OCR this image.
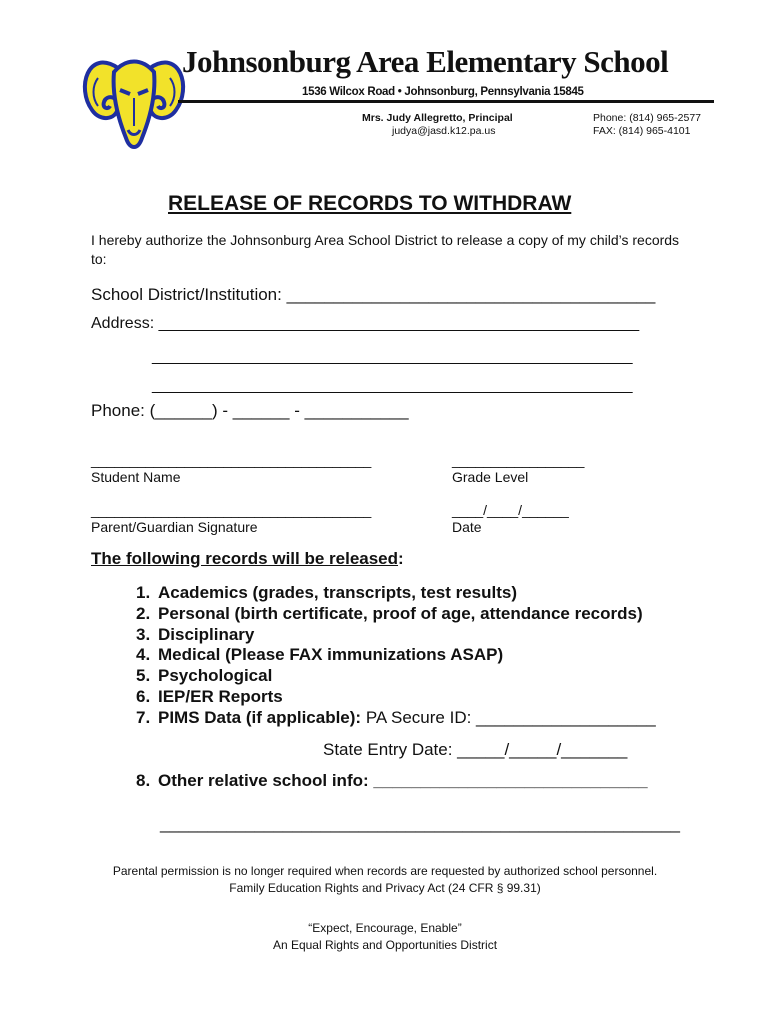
Johnsonburg Area Elementary School
1536 Wilcox Road • Johnsonburg, Pennsylvania 15845
Mrs. Judy Allegretto, Principal
judya@jasd.k12.pa.us
Phone: (814) 965-2577
FAX: (814) 965-4101
RELEASE OF RECORDS TO WITHDRAW
I hereby authorize the Johnsonburg Area School District to release a copy of my child’s records to:
School District/Institution: _______________________________________
Address: ______________________________________________________
______________________________________________________
______________________________________________________
Phone: (______) - ______ - ___________
____________________________________
Student Name
_________________
Grade Level
____________________________________
Parent/Guardian Signature
____/____/______
Date
The following records will be released:
1. Academics (grades, transcripts, test results)
2. Personal (birth certificate, proof of age, attendance records)
3. Disciplinary
4. Medical (Please FAX immunizations ASAP)
5. Psychological
6. IEP/ER Reports
7. PIMS Data (if applicable): PA Secure ID: ___________________
State Entry Date: _____/_____/_______
8. Other relative school info: _____________________________
_______________________________________________________
Parental permission is no longer required when records are requested by authorized school personnel.
Family Education Rights and Privacy Act (24 CFR § 99.31)
“Expect, Encourage, Enable”
An Equal Rights and Opportunities District
